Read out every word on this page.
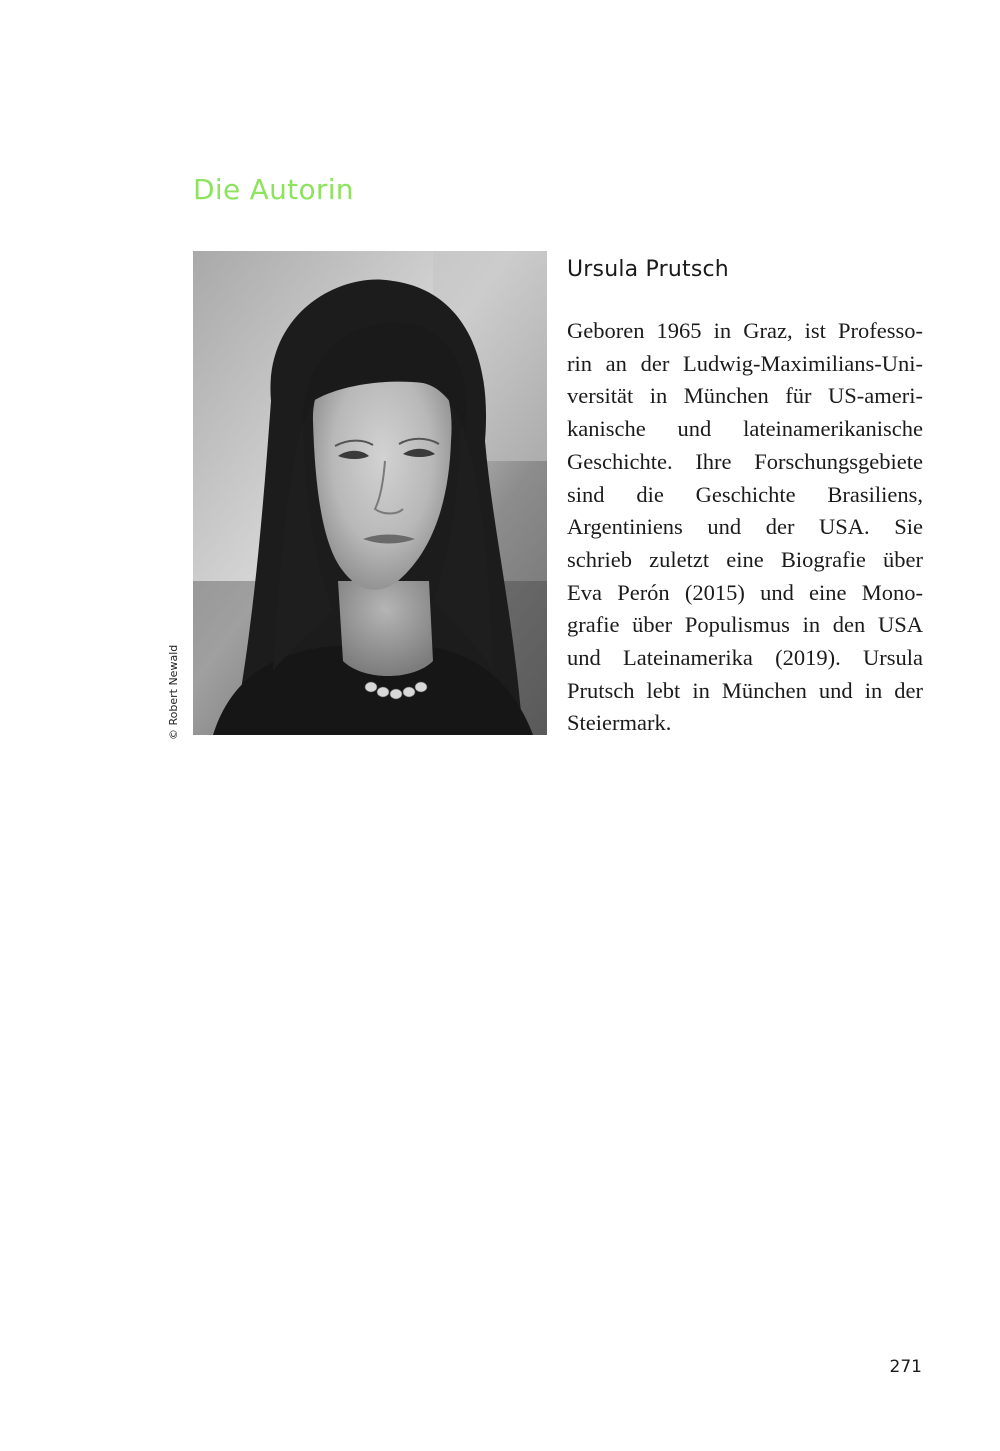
Die Autorin
© Robert Newald
Ursula Prutsch
Geboren 1965 in Graz, ist Professo-
rin an der Ludwig-Maximilians-Uni-
versität in München für US-ameri-
kanische und lateinamerikanische
Geschichte. Ihre Forschungsgebiete
sind die Geschichte Brasiliens,
Argentiniens und der USA. Sie
schrieb zuletzt eine Biografie über
Eva Perón (2015) und eine Mono-
grafie über Populismus in den USA
und Lateinamerika (2019). Ursula
Prutsch lebt in München und in der
Steiermark.
271
